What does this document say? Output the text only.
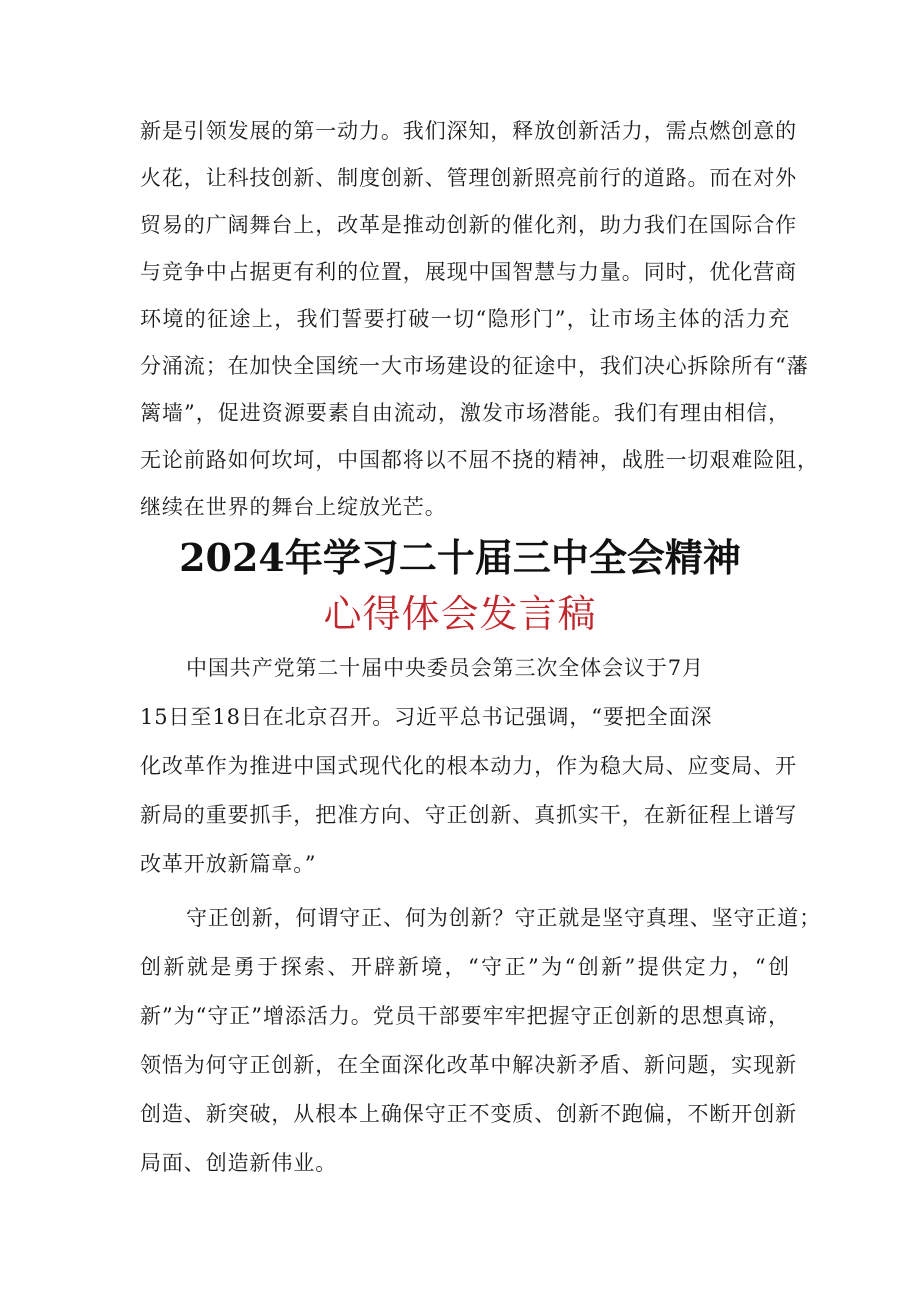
新是引领发展的第一动力。我们深知，释放创新活力，需点燃创意的
火花，让科技创新、制度创新、管理创新照亮前行的道路。而在对外
贸易的广阔舞台上，改革是推动创新的催化剂，助力我们在国际合作
与竞争中占据更有利的位置，展现中国智慧与力量。同时，优化营商
环境的征途上，我们誓要打破一切“隐形门”，让市场主体的活力充
分涌流；在加快全国统一大市场建设的征途中，我们决心拆除所有“藩
篱墙”，促进资源要素自由流动，激发市场潜能。我们有理由相信，
无论前路如何坎坷，中国都将以不屈不挠的精神，战胜一切艰难险阻，
继续在世界的舞台上绽放光芒。
2024年学习二十届三中全会精神
心得体会发言稿
中国共产党第二十届中央委员会第三次全体会议于7月
15日至18日在北京召开。习近平总书记强调，“要把全面深
化改革作为推进中国式现代化的根本动力，作为稳大局、应变局、开
新局的重要抓手，把准方向、守正创新、真抓实干，在新征程上谱写
改革开放新篇章。”
守正创新，何谓守正、何为创新？守正就是坚守真理、坚守正道；
创新就是勇于探索、开辟新境，“守正”为“创新”提供定力，“创
新”为“守正”增添活力。党员干部要牢牢把握守正创新的思想真谛，
领悟为何守正创新，在全面深化改革中解决新矛盾、新问题，实现新
创造、新突破，从根本上确保守正不变质、创新不跑偏，不断开创新
局面、创造新伟业。
